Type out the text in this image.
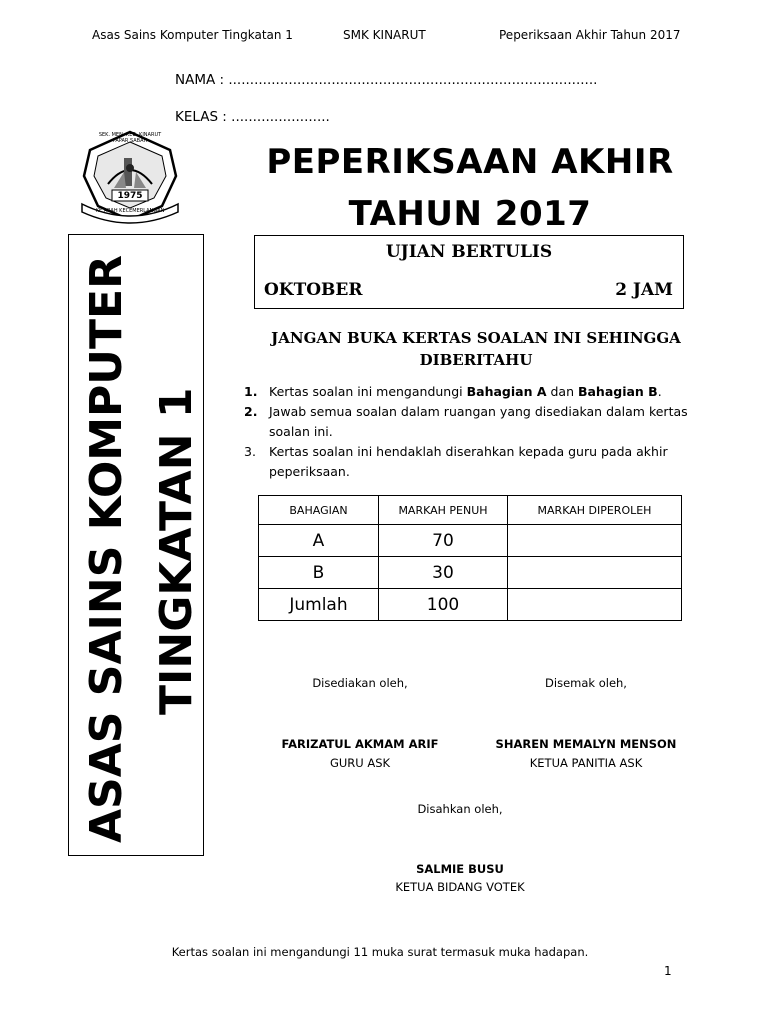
Asas Sains Komputer Tingkatan 1	SMK KINARUT	Peperiksaan Akhir Tahun 2017
NAMA : ......................................................................................
KELAS : .......................
SEK. MEN. KEB. KINARUT PAPAR SABAH
1975
KE ARAH KECEMERLANGAN
PEPERIKSAAN AKHIR
TAHUN 2017
UJIAN BERTULIS
OKTOBER	2 JAM
ASAS SAINS KOMPUTER TINGKATAN 1
JANGAN BUKA KERTAS SOALAN INI SEHINGGA
DIBERITAHU
1. Kertas soalan ini mengandungi Bahagian A dan Bahagian B.
2. Jawab semua soalan dalam ruangan yang disediakan dalam kertas soalan ini.
3. Kertas soalan ini hendaklah diserahkan kepada guru pada akhir peperiksaan.
BAHAGIAN	MARKAH PENUH	MARKAH DIPEROLEH
A	70	
B	30	
Jumlah	100	
Disediakan oleh,	Disemak oleh,
FARIZATUL AKMAM ARIF
GURU ASK
SHAREN MEMALYN MENSON
KETUA PANITIA ASK
Disahkan oleh,
SALMIE BUSU
KETUA BIDANG VOTEK
Kertas soalan ini mengandungi 11 muka surat termasuk muka hadapan.
1
